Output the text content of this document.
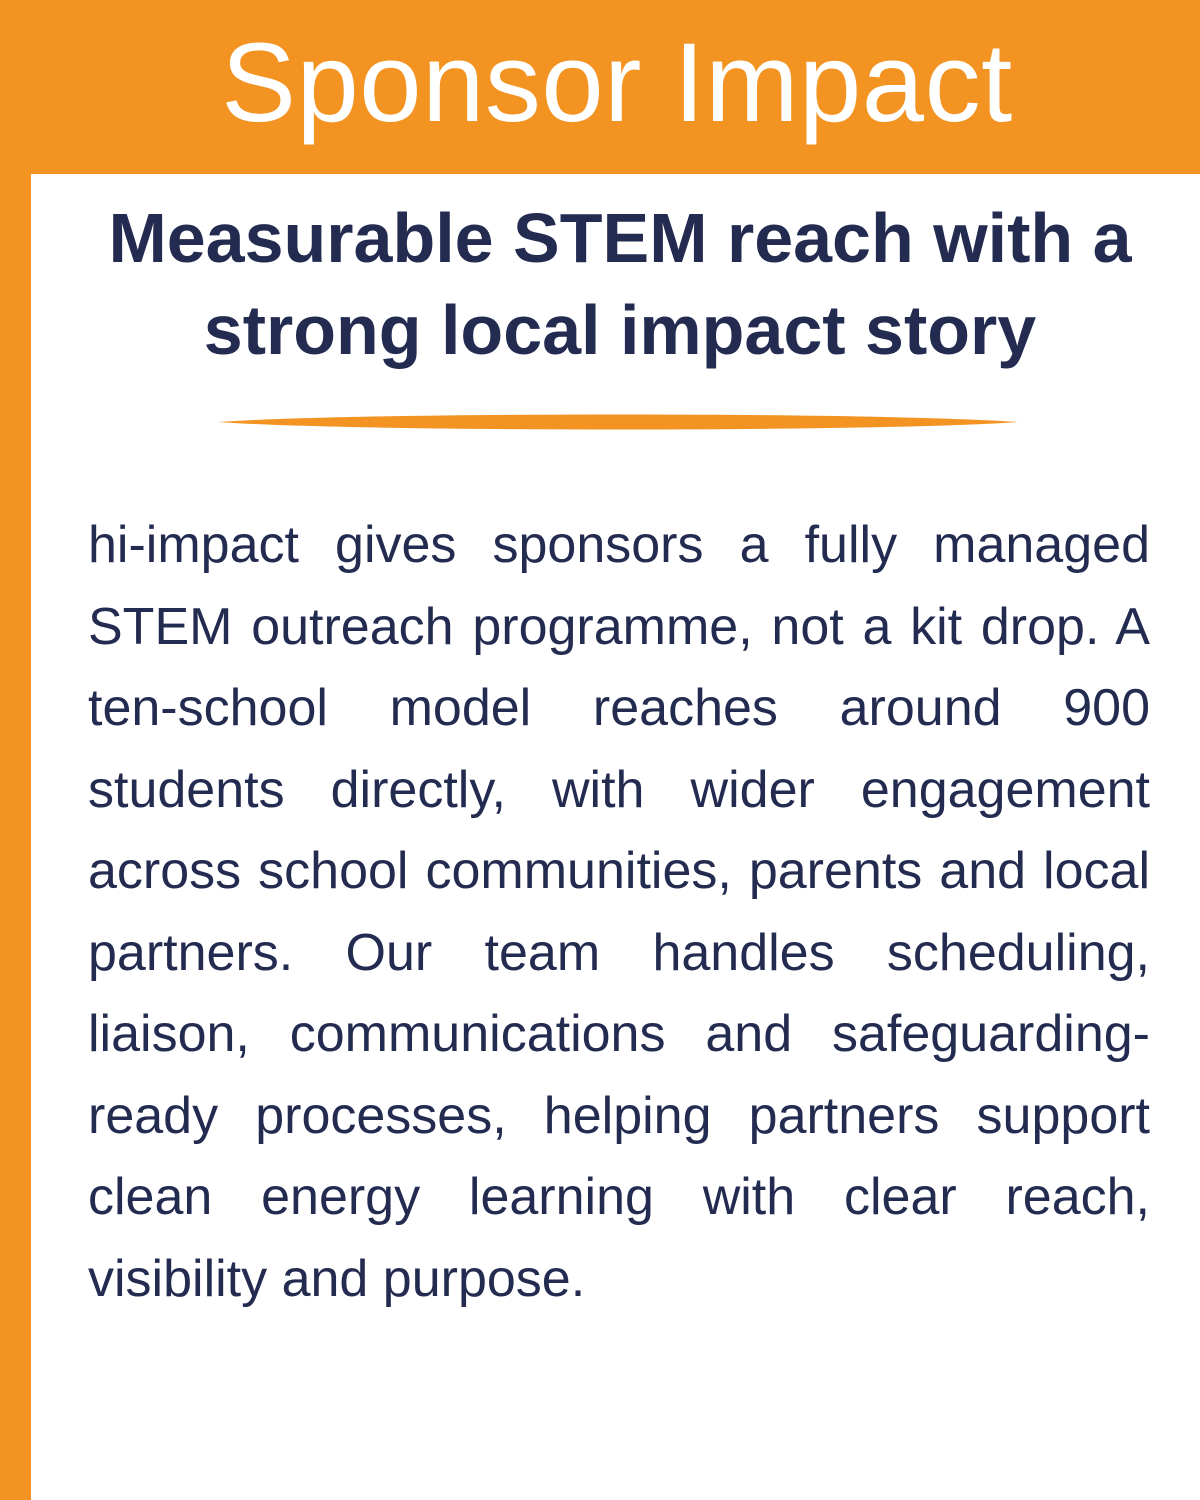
Sponsor Impact
Measurable STEM reach with a strong local impact story

hi-impact gives sponsors a fully managed STEM outreach programme, not a kit drop. A ten-school model reaches around 900 students directly, with wider engagement across school communities, parents and local partners. Our team handles scheduling, liaison, communications and safeguarding-ready processes, helping partners support clean energy learning with clear reach, visibility and purpose.
